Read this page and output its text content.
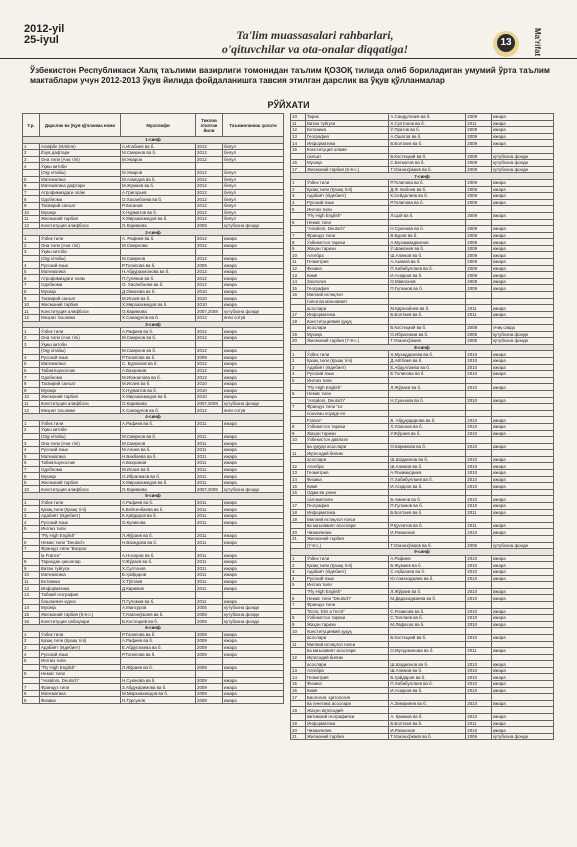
2012-yil
25-iyul	Ta'lim muassasalari rahbarlari,
o'qituvchilar va ota-onalar diqqatiga!	13	Ma'rifat
Ўзбекистон Республикаси Халқ таълими вазирлиги томонидан таълим ҚОЗОҚ тилида олиб бориладиган умумий ўрта таълим мактаблари учун 2012-2013 ўқув йилида фойдаланишга тавсия этилган дарслик ва ўқув қўлланмалар
РЎЙХАТИ
Т.р.	Дарслик ва ўқув қўлланма номи	Муаллифи	Тиклов этилган йили	Таъминланиш ҳолати
1-синф				
1	Алифбе (Әліппе)	А.Исабаев ва б.	2012	бепул
2	Ёзув дафтари	М.Смирнов ва б.	2012	бепул
3	Она тили (Ана тілі)	М.Умаров	2012	бепул
4	Ўқиш китоби			
	(Оқу кітабы)	М.Умаров	2012	бепул
5	Математика	М.Ахмедов ва б.	2012	бепул
6	Математика дафтари	М.Жумаев ва б.	2012	бепул
7	Атрофимиздаги олам	А.Григорьев	2012	бепул
8	Одобнома	О.Хасанбоева ва б.	2012	бепул
9	Тасвирий санъат	Р.Хасанов	2012	бепул
10	Мусиқа	Х.Нурматов ва б.	2012	бепул
11	Жисмоний тарбия	Х.Мирзаахмедов ва б.	2012	бепул
12	Конституция алифбоси	О.Каримова	2008	кутубхона фонди
2-синф				
1	Ўзбек тили	А. Рафиев ва б.	2012	ижара
2	Она тили (Ана тілі)	М.Смирнова	2012	ижара
3	Ўқиш китоби			
	(Оқу кітабы)	М.Смирнов	2012	ижара
4	Русский язык	Р.Толипова ва б.	2009	ижара
5	Математика	Н.Абдурахмонова ва б.	2012	ижара
6	Атрофимиздаги олам	П.Гулямов ва б.	2012	ижара
7	Одобнома	О. Хасанбоева ва б.	2012	ижара
8	Мусиқа	Д.Омонова ва б.	2010	ижара
9	Тасвирий санъат	М.Исаев ва б.	2010	ижара
10	Жисмоний тарбия	Х.Мирзаахмедов ва б.	2010	ижара
11	Конституция алифбоси	О.Каримова	2007,2008	кутубхона фонди
12	Меҳнат таълими	Х.Санақулов ва б.	2012	янги сотув
3-синф				
1	Ўзбек тили	А.Рафиев ва б.	2012	ижара
2	Она тили (Ана тілі)	М.Смирнов ва б.	2012	ижара
3	Ўқиш китоби			
	(Оқу кітабы)	М.Смирнов ва б.	2012	ижара
4	Русский язык	Р.Толипова ва б.	2009	ижара
5	Математика	С. Бурханов ва б.	2012	ижара
6	Табиатшунослик	А.Бахромов	2012	ижара
7	Одобнома	М.Исмоилова ва б.	2012	ижара
8	Тасвирий санъат	М.Исаев ва б.	2010	ижара
9	Мусиқа	Х.Нурматов ва б.	2010	ижара
10	Жисмоний тарбия	Х.Мирзаахмедов ва б.	2010	ижара
11	Конституция алифбоси	О.Каримова	2007,2008	кутубхона фонди
12	Меҳнат таълими	Х.Санақулов ва б.	2012	янги сотув
4-синф				
1	Ўзбек тили	А.Рафиев ва б.	2011	ижара
2	Ўқиш китоби			
	(Оқу кітабы)	М.Смирнов ва б.	2011	ижара
3	Она тили (Ана тілі)	М.Смирнов	2011	ижара
4	Русский язык	М.Алиев ва б.	2011	ижара
5	Математика	Н.Бикбаева ва б.	2011	ижара
6	Табиатшунослик	А.Бахромов	2011	ижара
7	Одобнома	М.Исаев ва б.	2011	ижара
8	Мусиқа	О.Ибрагимов ва б.	2011	ижара
9	Жисмоний тарбия	Х.Мирзаахмедов ва б.	2011	ижара
10	Конституция алифбоси	О.Каримова	2007,2008	кутубхона фонди
5-синф				
1	Ўзбек тили	А.Рафиев ва б.	2011	ижара
2	Қазақ тили (Қазақ тілі)	К.Бейсенбаева ва б.	2011	ижара
3	Адабиёт (Әдебиет)	К.Ҳайдаров ва б.	2011	ижара
4	Русский язык	О.Куликова	2011	ижара
5	Инглиз тили			
	“Fly High English”	Л.Жўраев ва б.	2011	ижара
6	Немис тили “Deutsch-	Н.Вахидова ва б.	2011	ижара
7	Француз тили “Bonjour			
	la France”	А.Носиров ва б.	2011	ижара
8	Тарихдан ҳикоялар	У.Жўраев ва б.	2011	ижара
9	Ватан туйғуси	Х.Султонов	2011	ижара
10	Математика	Б.Ҳайдаров	2011	ижара
11	Ботаника	Х.Тўхтаев	2011	ижара
12	Информатика	Д.Каримов	2011	ижара
13	Табиий география			
	бошланғич курси	П.Гуломов ва б.	2011	ижара
14	Мусиқа	А.Мансуров	2005	кутубхона фонди
15	Жисмоний тарбия (5-6-с.)	Т.Усмонхўжаев ва б.	2008	кутубхона фонди
16	Конституция сабоқлари	Б.Костецкий ва б.	2008	кутубхона фонди
6-синф				
1	Ўзбек тили	Р.Толипова ва б.	2009	ижара
2	Қазақ тили (Қазақ тілі)	А.Рафиев ва б.	2009	ижара
3	Адабиёт (Әдебиет)	Е.Абдуллаева ва б.	2009	ижара
4	Русский язык	Р.Толипова ва б.	2009	ижара
5	Инглиз тили			
	“Fly High English”	Л.Жўраев ва б.	2009	ижара
6	Немис тили			
	“Assalom, Deutsch”	Н.Суюнова ва б.	2009	ижара
7	Француз тили	З.Абдукаримова ва б.	2009	ижара
8	Математика	М.Мирзаахмедов ва б.	2009	ижара
9	Физика	Н.Турсунов	2009	ижара
10	Тарих	А.Сандуллаев ва б.	2009	ижара
11	Ватан туйғуси	Х.Султонов ва б.	2011	ижара
12	Ботаника	Ў.Пратов ва б.	2009	ижара
13	География	А.Ошатов ва б.	2009	ижара
14	Информатика	Б.Болтаев ва б.	2009	ижара
15	Конституция олами			
	санъат	Б.Костецкий ва б.	2008	кутубхона фонди
16	Мусиқа	С.Бегматов ва б.	2008	кутубхона фонди
17	Жисмоний тарбия (5-6-с.)	Т.Усмонхўжаев ва б.	2008	кутубхона фонди
7-синф				
1	Ўзбек тили	Р.Толипова ва б.	2009	ижара
2	Қазақ тили (Қазақ тілі)	Д.Ф. Бабоев ва б.	2009	ижара
3	Адабиёт (Әдебиет)	К.Сейдалиев ва б.	2009	ижара
4	Русский язык	Р.Толипова ва б.	2009	ижара
5	Инглиз тили			
	“Fly High English”	Л.Цой ва б.	2009	ижара
6	Немис тили			
	“Assalom, Deutsch”	Н.Суюнова ва б.	2009	ижара
7	Француз тили	В.Буров ва б.	2009	ижара
8	Ўзбекистон тарихи	А.Мухаммаджонов	2009	ижара
9	Жаҳон тарихи	Ў.Шамсиев ва б.	2009	ижара
10	Алгебра	Ш.Алимов ва б.	2009	ижара
11	Геометрия	А.Азамов ва б.	2009	ижара
12	Физика	П.Хабибуллаев ва б.	2009	ижара
13	Кимё	И.Асқаров ва б.	2009	ижара
14	Зоология	О.Мавлонов	2009	ижара
15	География	П.Ғуломов ва б.	2009	ижара
16	Миллий истиқлол			
	ғояси ва маънавият			
	асослари	М.Қирғизбоев ва б.	2011	ижара
17	Информатика	Б.Болтаев ва б.	2011	ижара
18	Конституциявий ҳуқуқ			
	асослари	Б.Костецкий ва б.	2008	очиқ савдо
19	Мусиқа	О.Ибрагимов ва б.	2005	кутубхона фонди
20	Жисмоний тарбия (7-8-с.)	Т.Усмонхўжаев	2005	кутубхона фонди
8-синф				
1	Ўзбек тили	Х.Мухиддинова ва б.	2010	ижара
2	Қазақ тили (Қазақ тілі)	Д.Айтбаев ва б.	2010	ижара
3	Адабиёт (Әдебиет)	Е.Абдуллаева ва б.	2010	ижара
4	Русский язык	Е.Толипова ва б.	2010	ижара
5	Инглиз тили			
	“Fly High English”	Л.Жўраев ва б.	2010	ижара
6	Немис тили			
	“Assalom, Deutsch”	Н.Суюнова ва б.	2010	ижара
7	Француз тили “Le			
	nouveau voyage en			
	France”	Б. Абдуқодирова ва б.	2010	ижара
8	Ўзбекистон тарихи	Х.Усмонов ва б.	2010	ижара
9	Жаҳон тарихи	У.Жўраев ва б.	2010	ижара
10	Ўзбекистон давлати			
	ва ҳуқуқи асослари	О.Каримова ва б.	2010	ижара
11	Иқтисодий билим			
	асослари	Ш.Шодмонов ва б.	2010	ижара
12	Алгебра	Ш.Алимов ва б.	2010	ижара
13	Геометрия	А.Рахимқориев	2010	ижара
14	Физика	П.Хабибуллаев ва б.	2010	ижара
15	Кимё	И.Асқаров ва б.	2010	ижара
16	Одам ва унинг			
	саломатлиги	Б.Аминов ва б.	2010	ижара
17	География	П.Ғуломов ва б.	2010	ижара
18	Информатика	Б.Болтаев ва б.	2011	ижара
19	Миллий истиқлол ғояси			
	ва маънавият асослари	Р.Қуvvатов ва б.	2011	ижара
20	Чизмачилик	И.Рахмонов	2010	ижара
21	Жисмоний тарбия			
	(7-8-с.)	Т.Усмонхўжаев ва б.	2005	кутубхона фонди
9-синф				
1	Ўзбек тили	А.Рафиев	2010	ижара
2	Қазақ тили (Қазақ тілі)	Б.Жумаев ва б.	2010	ижара
3	Адабиёт (Әдебиет)	С.Ақбалаев ва б.	2010	ижара
4	Русский язык	Ю.Азизходжаев ва б.	2010	ижара
5	Инглиз тили			
	“Fly High English”	Л.Жўраев ва б.	2010	ижара
6	Немис тили “Deutsch”	М.Дадаходжаева ва б.	2010	ижара
7	Француз тили			
	“Ecris, Dis! a l'ecrit”	С.Розикова ва б.	2010	ижара
8	Ўзбекистон тарихи	С.Тиллаев ва б.	2010	ижара
9	Жаҳон тарихи	М.Лафасов ва б.	2010	ижара
10	Конституциявий ҳуқуқ			
	асослари	Б.Костецкий ва б.	2010	ижара
11	Миллий истиқлол ғояси			
	ва маънавият асослари	О.Мусурмонова ва б.	2011	ижара
12	Иқтисодий билим			
	асослари	Ш.Шодмонов ва б.	2010	ижара
13	Алгебра	Ш.Алимов ва б.	2010	ижара
14	Геометрия	Б.Ҳайдаров ва б.	2010	ижара
15	Физика	П.Хабибуллаев ва б.	2010	ижара
16	Кимё	И.Асқаров ва б.	2010	ижара
17	Биология. Цитология			
	ва генетика асослари	А.Зикирияев ва б.	2010	ижара
18	Жаҳон иқтисодий-			
	ижтимоий географияси	А. Қаюмов ва б.	2010	ижара
19	Информатика	Б.Болтаев ва б.	2011	ижара
20	Чизмачилик	И.Рахмонов	2010	ижара
21	Жисмоний тарбия	Т.Усмонхўжаев ва б.	2006	кутубхона фонди
